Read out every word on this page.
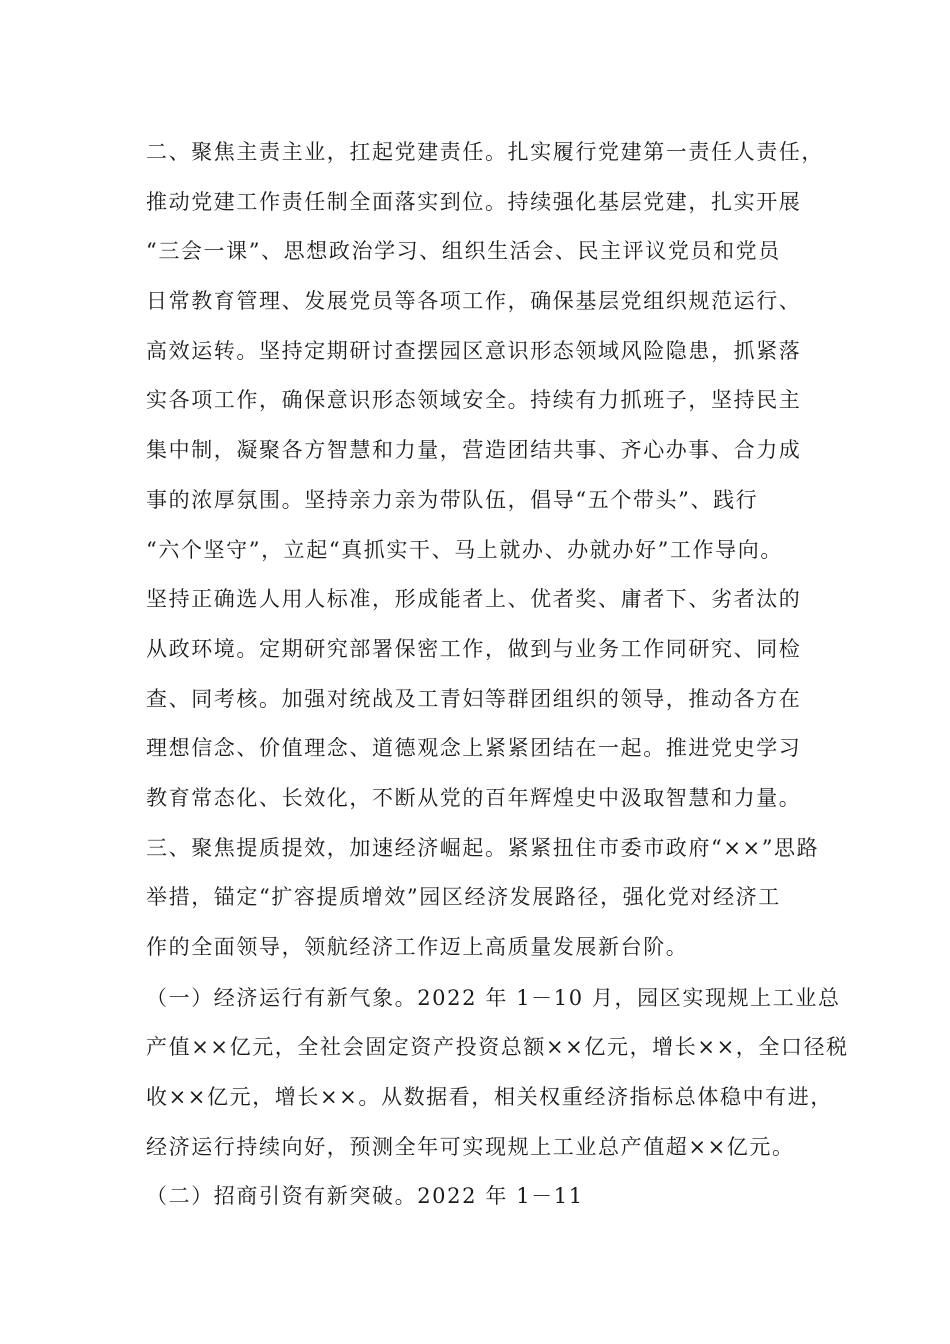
二、聚焦主责主业，扛起党建责任。扎实履行党建第一责任人责任，
推动党建工作责任制全面落实到位。持续强化基层党建，扎实开展
“三会一课”、思想政治学习、组织生活会、民主评议党员和党员
日常教育管理、发展党员等各项工作，确保基层党组织规范运行、
高效运转。坚持定期研讨查摆园区意识形态领域风险隐患，抓紧落
实各项工作，确保意识形态领域安全。持续有力抓班子，坚持民主
集中制，凝聚各方智慧和力量，营造团结共事、齐心办事、合力成
事的浓厚氛围。坚持亲力亲为带队伍，倡导“五个带头”、践行
“六个坚守”，立起“真抓实干、马上就办、办就办好”工作导向。
坚持正确选人用人标准，形成能者上、优者奖、庸者下、劣者汰的
从政环境。定期研究部署保密工作，做到与业务工作同研究、同检
查、同考核。加强对统战及工青妇等群团组织的领导，推动各方在
理想信念、价值理念、道德观念上紧紧团结在一起。推进党史学习
教育常态化、长效化，不断从党的百年辉煌史中汲取智慧和力量。
三、聚焦提质提效，加速经济崛起。紧紧扭住市委市政府“××”思路
举措，锚定“扩容提质增效”园区经济发展路径，强化党对经济工
作的全面领导，领航经济工作迈上高质量发展新台阶。
（一）经济运行有新气象。2022 年 1－10 月，园区实现规上工业总
产值××亿元，全社会固定资产投资总额××亿元，增长××，全口径税
收××亿元，增长××。从数据看，相关权重经济指标总体稳中有进，
经济运行持续向好，预测全年可实现规上工业总产值超××亿元。
（二）招商引资有新突破。2022 年 1－11
